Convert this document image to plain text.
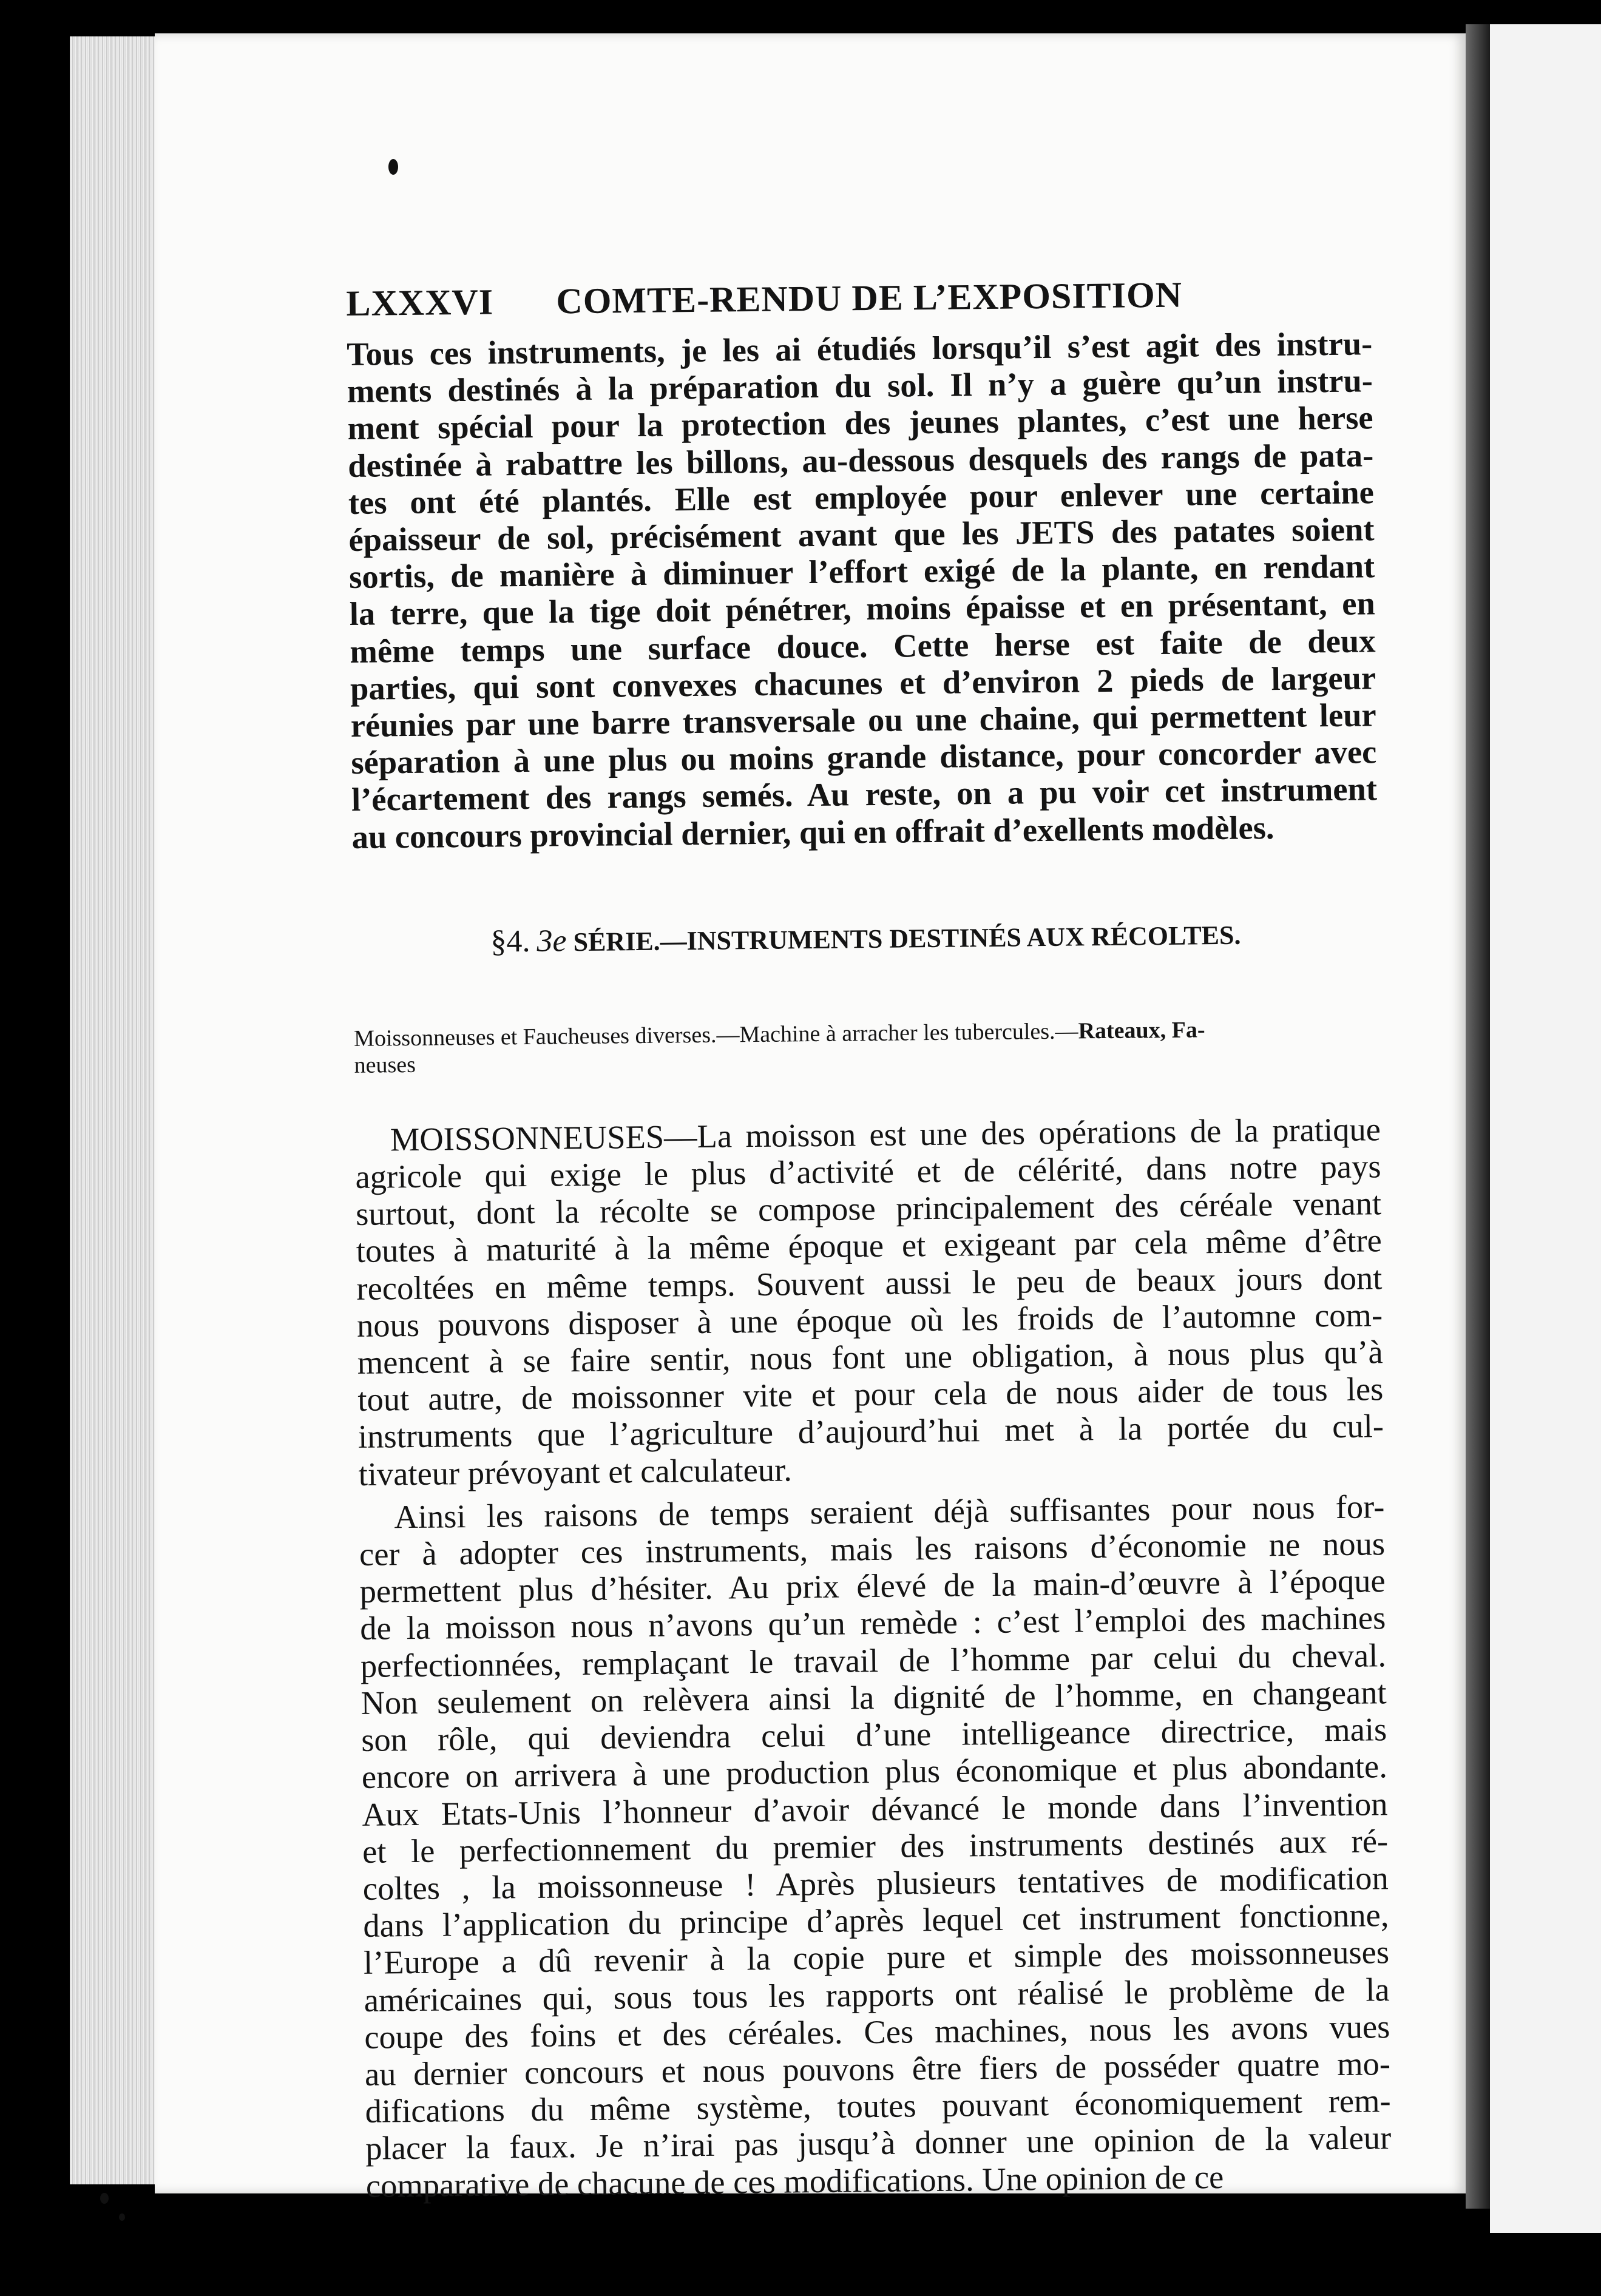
LXXXVI COMTE-RENDU DE L’EXPOSITION
Tous ces instruments, je les ai étudiés lorsqu’il s’est agit des instru-
ments destinés à la préparation du sol. Il n’y a guère qu’un instru-
ment spécial pour la protection des jeunes plantes, c’est une herse
destinée à rabattre les billons, au-dessous desquels des rangs de pata-
tes ont été plantés. Elle est employée pour enlever une certaine
épaisseur de sol, précisément avant que les JETS des patates soient
sortis, de manière à diminuer l’effort exigé de la plante, en rendant
la terre, que la tige doit pénétrer, moins épaisse et en présentant, en
même temps une surface douce. Cette herse est faite de deux
parties, qui sont convexes chacunes et d’environ 2 pieds de largeur
réunies par une barre transversale ou une chaine, qui permettent leur
séparation à une plus ou moins grande distance, pour concorder avec
l’écartement des rangs semés. Au reste, on a pu voir cet instrument
au concours provincial dernier, qui en offrait d’exellents modèles.
§4. 3e SÉRIE.—INSTRUMENTS DESTINÉS AUX RÉCOLTES.
Moissonneuses et Faucheuses diverses.—Machine à arracher les tubercules.—Rateaux, Fa-
neuses
MOISSONNEUSES—La moisson est une des opérations de la pratique
agricole qui exige le plus d’activité et de célérité, dans notre pays
surtout, dont la récolte se compose principalement des céréale venant
toutes à maturité à la même époque et exigeant par cela même d’être
recoltées en même temps. Souvent aussi le peu de beaux jours dont
nous pouvons disposer à une époque où les froids de l’automne com-
mencent à se faire sentir, nous font une obligation, à nous plus qu’à
tout autre, de moissonner vite et pour cela de nous aider de tous les
instruments que l’agriculture d’aujourd’hui met à la portée du cul-
tivateur prévoyant et calculateur.
Ainsi les raisons de temps seraient déjà suffisantes pour nous for-
cer à adopter ces instruments, mais les raisons d’économie ne nous
permettent plus d’hésiter. Au prix élevé de la main-d’œuvre à l’époque
de la moisson nous n’avons qu’un remède : c’est l’emploi des machines
perfectionnées, remplaçant le travail de l’homme par celui du cheval.
Non seulement on relèvera ainsi la dignité de l’homme, en changeant
son rôle, qui deviendra celui d’une intelligeance directrice, mais
encore on arrivera à une production plus économique et plus abondante.
Aux Etats-Unis l’honneur d’avoir dévancé le monde dans l’invention
et le perfectionnement du premier des instruments destinés aux ré-
coltes , la moissonneuse ! Après plusieurs tentatives de modification
dans l’application du principe d’après lequel cet instrument fonctionne,
l’Europe a dû revenir à la copie pure et simple des moissonneuses
américaines qui, sous tous les rapports ont réalisé le problème de la
coupe des foins et des céréales. Ces machines, nous les avons vues
au dernier concours et nous pouvons être fiers de posséder quatre mo-
difications du même système, toutes pouvant économiquement rem-
placer la faux. Je n’irai pas jusqu’à donner une opinion de la valeur
comparative de chacune de ces modifications. Une opinion de ce
